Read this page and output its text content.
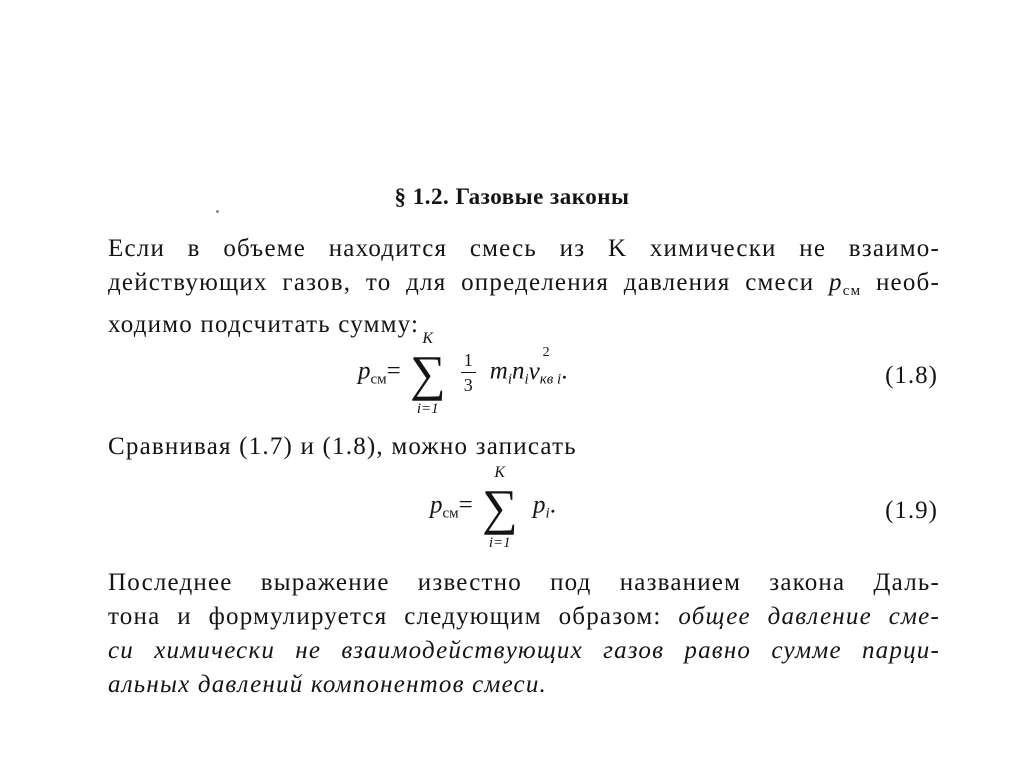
§ 1.2. Газовые законы
Если в объеме находится смесь из K химически не взаимо-
действующих газов, то для определения давления смеси $p_{см}$ необ-
ходимо подсчитать сумму:
$p_{см}=$
K
∑
i=1
$\frac{1}{3} m_in_iv$
2
$_{кв i}$.	(1.8)
Сравнивая (1.7) и (1.8), можно записать
$p_{см}=$
K
∑
i=1
$p_i$.	(1.9)
Последнее выражение известно под названием закона Даль-
тона и формулируется следующим образом: общее давление сме-
си химически не взаимодействующих газов равно сумме парци-
альных давлений компонентов смеси.
